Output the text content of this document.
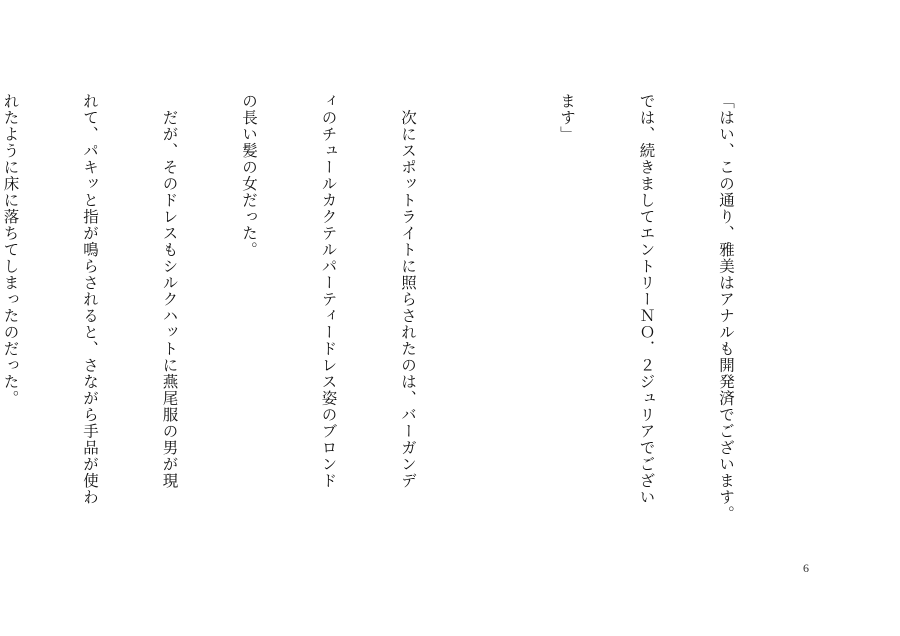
「はい、この通り、雅美はアナルも開発済でございます。

では、続きましてエントリーＮＯ．２ジュリアでござい

ます」

　次にスポットライトに照らされたのは、バーガンデ

ィのチュールカクテルパーティードレス姿のブロンド

の長い髪の女だった。

　だが、そのドレスもシルクハットに燕尾服の男が現

れて、パキッと指が鳴らされると、さながら手品が使わ

れたように床に落ちてしまったのだった。

6
